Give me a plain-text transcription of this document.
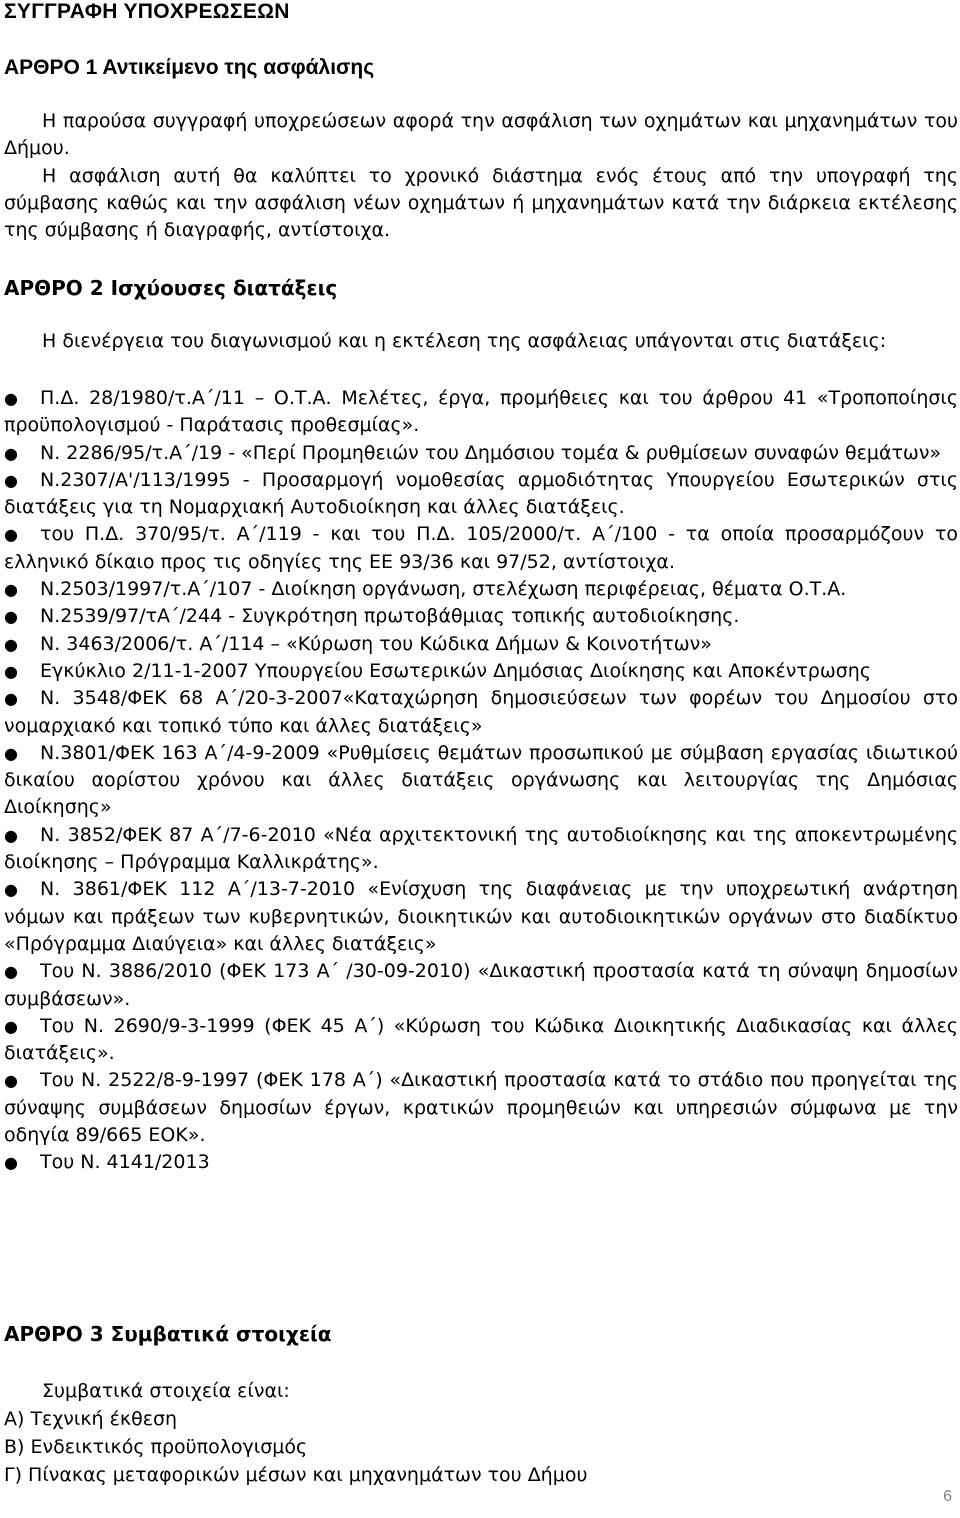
ΣΥΓΓΡΑΦΗ ΥΠΟΧΡΕΩΣΕΩΝ
ΑΡΘΡΟ 1 Αντικείμενο της ασφάλισης

Η παρούσα συγγραφή υποχρεώσεων αφορά την ασφάλιση των οχημάτων και μηχανημάτων του Δήμου.

Η ασφάλιση αυτή θα καλύπτει το χρονικό διάστημα ενός έτους από την υπογραφή της σύμβασης καθώς και την ασφάλιση νέων οχημάτων ή μηχανημάτων κατά την διάρκεια εκτέλεσης της σύμβασης ή διαγραφής, αντίστοιχα.

ΑΡΘΡΟ 2 Ισχύουσες διατάξεις

Η διενέργεια του διαγωνισμού και η εκτέλεση της ασφάλειας υπάγονται στις διατάξεις:

● Π.Δ. 28/1980/τ.Α΄/11 – Ο.Τ.Α. Μελέτες, έργα, προμήθειες και του άρθρου 41 «Τροποποίησις προϋπολογισμού - Παράτασις προθεσμίας».
● Ν. 2286/95/τ.Α΄/19 - «Περί Προμηθειών του Δημόσιου τομέα & ρυθμίσεων συναφών θεμάτων»
● Ν.2307/Α'/113/1995 - Προσαρμογή νομοθεσίας αρμοδιότητας Υπουργείου Εσωτερικών στις διατάξεις για τη Νομαρχιακή Αυτοδιοίκηση και άλλες διατάξεις.
● του Π.Δ. 370/95/τ. Α΄/119 - και του Π.Δ. 105/2000/τ. Α΄/100 - τα οποία προσαρμόζουν το ελληνικό δίκαιο προς τις οδηγίες της ΕΕ 93/36 και 97/52, αντίστοιχα.
● Ν.2503/1997/τ.Α΄/107 - Διοίκηση οργάνωση, στελέχωση περιφέρειας, θέματα Ο.Τ.Α.
● Ν.2539/97/τΑ΄/244 - Συγκρότηση πρωτοβάθμιας τοπικής αυτοδιοίκησης.
● Ν. 3463/2006/τ. Α΄/114 – «Κύρωση του Κώδικα Δήμων & Κοινοτήτων»
● Εγκύκλιο 2/11-1-2007 Υπουργείου Εσωτερικών Δημόσιας Διοίκησης και Αποκέντρωσης
● Ν. 3548/ΦΕΚ 68 Α΄/20-3-2007«Καταχώρηση δημοσιεύσεων των φορέων του Δημοσίου στο νομαρχιακό και τοπικό τύπο και άλλες διατάξεις»
● Ν.3801/ΦΕΚ 163 Α΄/4-9-2009 «Ρυθμίσεις θεμάτων προσωπικού με σύμβαση εργασίας ιδιωτικού δικαίου αορίστου χρόνου και άλλες διατάξεις οργάνωσης και λειτουργίας της Δημόσιας Διοίκησης»
● Ν. 3852/ΦΕΚ 87 Α΄/7-6-2010 «Νέα αρχιτεκτονική της αυτοδιοίκησης και της αποκεντρωμένης διοίκησης – Πρόγραμμα Καλλικράτης».
● Ν. 3861/ΦΕΚ 112 Α΄/13-7-2010 «Ενίσχυση της διαφάνειας με την υποχρεωτική ανάρτηση νόμων και πράξεων των κυβερνητικών, διοικητικών και αυτοδιοικητικών οργάνων στο διαδίκτυο «Πρόγραμμα Διαύγεια» και άλλες διατάξεις»
● Του Ν. 3886/2010 (ΦΕΚ 173 Α΄ /30-09-2010) «Δικαστική προστασία κατά τη σύναψη δημοσίων συμβάσεων».
● Του Ν. 2690/9-3-1999 (ΦΕΚ 45 Α΄) «Κύρωση του Κώδικα Διοικητικής Διαδικασίας και άλλες διατάξεις».
● Του Ν. 2522/8-9-1997 (ΦΕΚ 178 Α΄) «Δικαστική προστασία κατά το στάδιο που προηγείται της σύναψης συμβάσεων δημοσίων έργων, κρατικών προμηθειών και υπηρεσιών σύμφωνα με την οδηγία 89/665 ΕΟΚ».
● Του Ν. 4141/2013
ΑΡΘΡΟ 3 Συμβατικά στοιχεία

Συμβατικά στοιχεία είναι:

Α) Τεχνική έκθεση
Β) Ενδεικτικός προϋπολογισμός
Γ) Πίνακας μεταφορικών μέσων και μηχανημάτων του Δήμου
6
